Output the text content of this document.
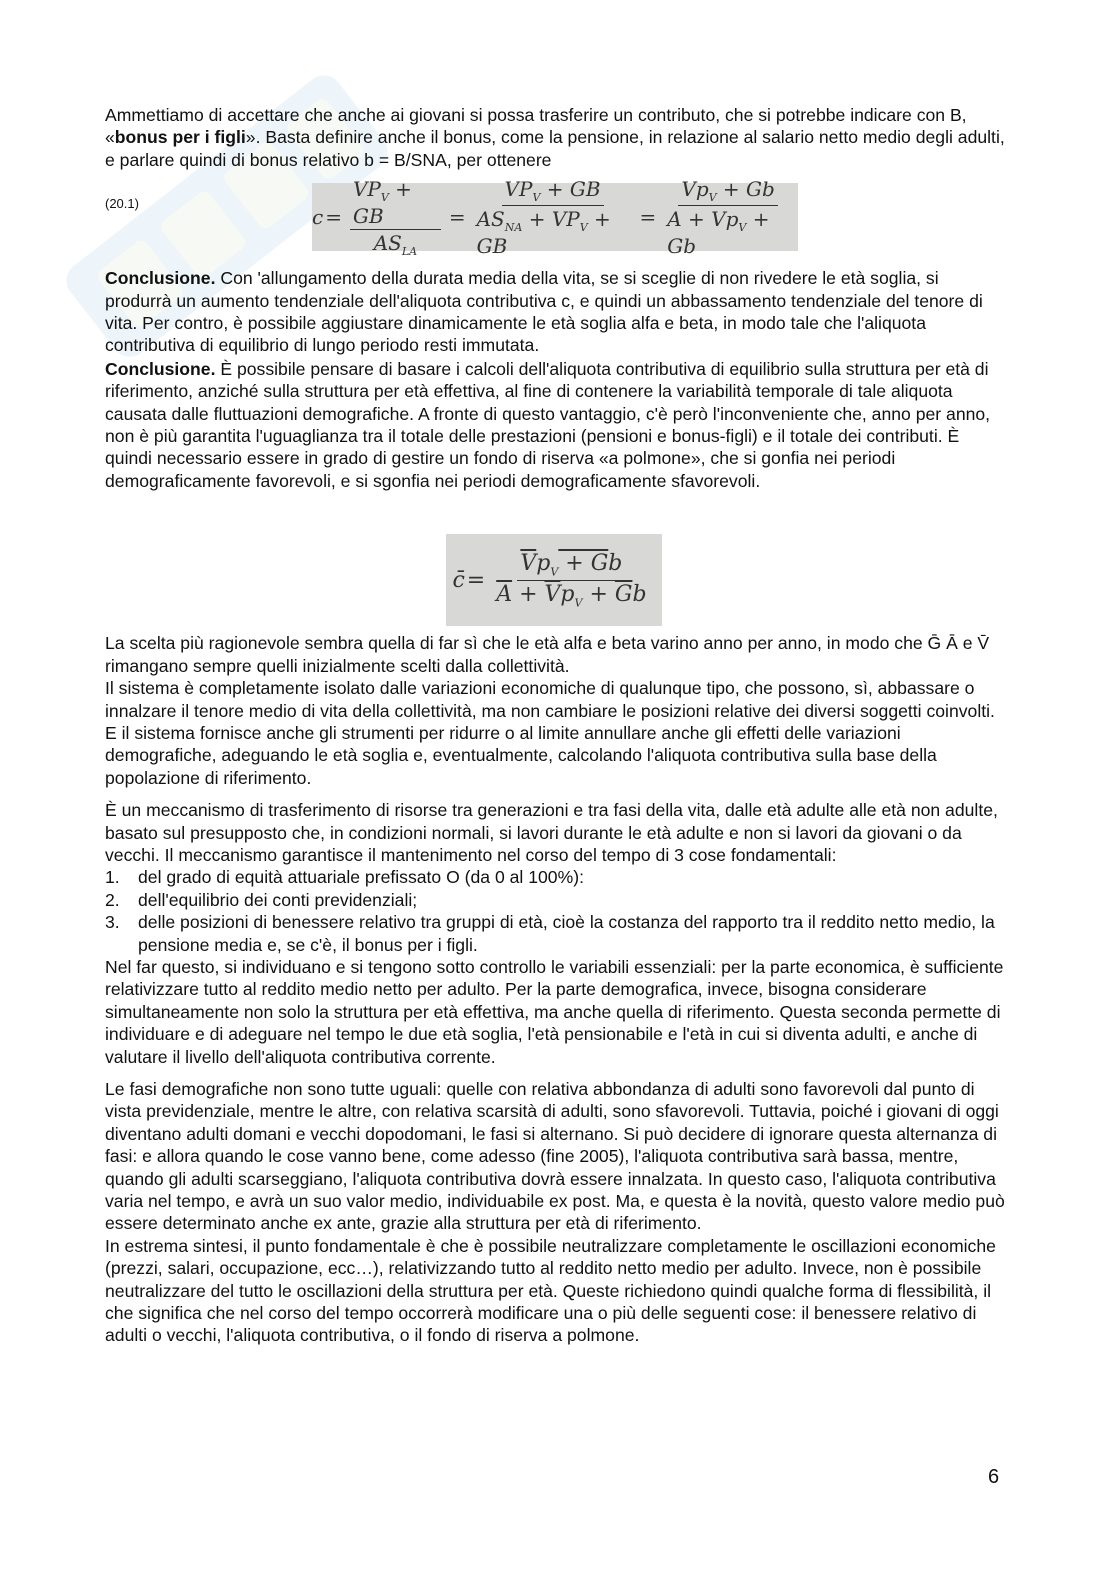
(20.1)
$c = \frac{VP_V + GB}{AS_{LA}} = \frac{VP_V + GB}{AS_{NA} + VP_V + GB} = \frac{Vp_V + Gb}{A + Vp_V + Gb}$
c̄ = $\frac{\overline{V}p_V + Gb}{\overline{A} + \overline{V}p_V + \overline{G}b}$

Ammettiamo di accettare che anche ai giovani si possa trasferire un contributo, che si potrebbe indicare con B, «bonus per i figli». Basta definire anche il bonus, come la pensione, in relazione al salario netto medio degli adulti, e parlare quindi di bonus relativo b = B/SNA, per ottenere

Conclusione. Con 'allungamento della durata media della vita, se si sceglie di non rivedere le età soglia, si produrrà un aumento tendenziale dell'aliquota contributiva c, e quindi un abbassamento tendenziale del tenore di vita. Per contro, è possibile aggiustare dinamicamente le età soglia alfa e beta, in modo tale che l'aliquota contributiva di equilibrio di lungo periodo resti immutata.

Conclusione. È possibile pensare di basare i calcoli dell'aliquota contributiva di equilibrio sulla struttura per età di riferimento, anziché sulla struttura per età effettiva, al fine di contenere la variabilità temporale di tale aliquota causata dalle fluttuazioni demografiche. A fronte di questo vantaggio, c'è però l'inconveniente che, anno per anno, non è più garantita l'uguaglianza tra il totale delle prestazioni (pensioni e bonus-figli) e il totale dei contributi. È quindi necessario essere in grado di gestire un fondo di riserva «a polmone», che si gonfia nei periodi demograficamente favorevoli, e si sgonfia nei periodi demograficamente sfavorevoli.

La scelta più ragionevole sembra quella di far sì che le età alfa e beta varino anno per anno, in modo che Ḡ Ā e V̄ rimangano sempre quelli inizialmente scelti dalla collettività.

Il sistema è completamente isolato dalle variazioni economiche di qualunque tipo, che possono, sì, abbassare o innalzare il tenore medio di vita della collettività, ma non cambiare le posizioni relative dei diversi soggetti coinvolti. E il sistema fornisce anche gli strumenti per ridurre o al limite annullare anche gli effetti delle variazioni demografiche, adeguando le età soglia e, eventualmente, calcolando l'aliquota contributiva sulla base della popolazione di riferimento.

È un meccanismo di trasferimento di risorse tra generazioni e tra fasi della vita, dalle età adulte alle età non adulte, basato sul presupposto che, in condizioni normali, si lavori durante le età adulte e non si lavori da giovani o da vecchi. Il meccanismo garantisce il mantenimento nel corso del tempo di 3 cose fondamentali:

1. del grado di equità attuariale prefissato O (da 0 al 100%):
2. dell'equilibrio dei conti previdenziali;
3. delle posizioni di benessere relativo tra gruppi di età, cioè la costanza del rapporto tra il reddito netto medio, la pensione media e, se c'è, il bonus per i figli.

Nel far questo, si individuano e si tengono sotto controllo le variabili essenziali: per la parte economica, è sufficiente relativizzare tutto al reddito medio netto per adulto. Per la parte demografica, invece, bisogna considerare simultaneamente non solo la struttura per età effettiva, ma anche quella di riferimento. Questa seconda permette di individuare e di adeguare nel tempo le due età soglia, l'età pensionabile e l'età in cui si diventa adulti, e anche di valutare il livello dell'aliquota contributiva corrente.

Le fasi demografiche non sono tutte uguali: quelle con relativa abbondanza di adulti sono favorevoli dal punto di vista previdenziale, mentre le altre, con relativa scarsità di adulti, sono sfavorevoli. Tuttavia, poiché i giovani di oggi diventano adulti domani e vecchi dopodomani, le fasi si alternano. Si può decidere di ignorare questa alternanza di fasi: e allora quando le cose vanno bene, come adesso (fine 2005), l'aliquota contributiva sarà bassa, mentre, quando gli adulti scarseggiano, l'aliquota contributiva dovrà essere innalzata. In questo caso, l'aliquota contributiva varia nel tempo, e avrà un suo valor medio, individuabile ex post. Ma, e questa è la novità, questo valore medio può essere determinato anche ex ante, grazie alla struttura per età di riferimento.

In estrema sintesi, il punto fondamentale è che è possibile neutralizzare completamente le oscillazioni economiche (prezzi, salari, occupazione, ecc…), relativizzando tutto al reddito netto medio per adulto. Invece, non è possibile neutralizzare del tutto le oscillazioni della struttura per età. Queste richiedono quindi qualche forma di flessibilità, il che significa che nel corso del tempo occorrerà modificare una o più delle seguenti cose: il benessere relativo di adulti o vecchi, l'aliquota contributiva, o il fondo di riserva a polmone.

6
